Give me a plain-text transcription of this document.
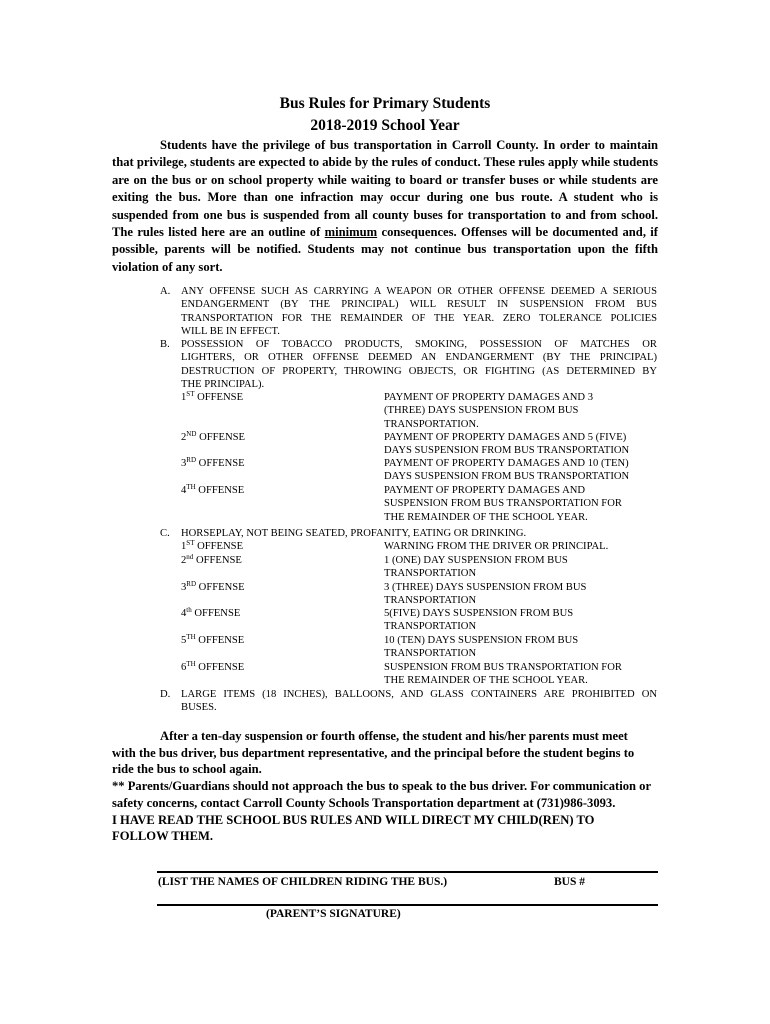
Bus Rules for Primary Students
2018-2019 School Year
Students have the privilege of bus transportation in Carroll County. In order to maintain that privilege, students are expected to abide by the rules of conduct. These rules apply while students are on the bus or on school property while waiting to board or transfer buses or while students are exiting the bus. More than one infraction may occur during one bus route. A student who is suspended from one bus is suspended from all county buses for transportation to and from school. The rules listed here are an outline of minimum consequences. Offenses will be documented and, if possible, parents will be notified. Students may not continue bus transportation upon the fifth violation of any sort.
A. ANY OFFENSE SUCH AS CARRYING A WEAPON OR OTHER OFFENSE DEEMED A SERIOUS
ENDANGERMENT (BY THE PRINCIPAL) WILL RESULT IN SUSPENSION FROM BUS
TRANSPORTATION FOR THE REMAINDER OF THE YEAR. ZERO TOLERANCE POLICIES
WILL BE IN EFFECT.
B. POSSESSION OF TOBACCO PRODUCTS, SMOKING, POSSESSION OF MATCHES OR
LIGHTERS, OR OTHER OFFENSE DEEMED AN ENDANGERMENT (BY THE PRINCIPAL)
DESTRUCTION OF PROPERTY, THROWING OBJECTS, OR FIGHTING (AS DETERMINED BY
THE PRINCIPAL).
1ST OFFENSE	PAYMENT OF PROPERTY DAMAGES AND 3
(THREE) DAYS SUSPENSION FROM BUS
TRANSPORTATION.
2ND OFFENSE	PAYMENT OF PROPERTY DAMAGES AND 5 (FIVE)
DAYS SUSPENSION FROM BUS TRANSPORTATION
3RD OFFENSE	PAYMENT OF PROPERTY DAMAGES AND 10 (TEN)
DAYS SUSPENSION FROM BUS TRANSPORTATION
4TH OFFENSE	PAYMENT OF PROPERTY DAMAGES AND
SUSPENSION FROM BUS TRANSPORTATION FOR
THE REMAINDER OF THE SCHOOL YEAR.
C. HORSEPLAY, NOT BEING SEATED, PROFANITY, EATING OR DRINKING.
1ST OFFENSE	WARNING FROM THE DRIVER OR PRINCIPAL.
2nd OFFENSE	1 (ONE) DAY SUSPENSION FROM BUS
TRANSPORTATION
3RD OFFENSE	3 (THREE) DAYS SUSPENSION FROM BUS
TRANSPORTATION
4th OFFENSE	5(FIVE) DAYS SUSPENSION FROM BUS
TRANSPORTATION
5TH OFFENSE	10 (TEN) DAYS SUSPENSION FROM BUS
TRANSPORTATION
6TH OFFENSE	SUSPENSION FROM BUS TRANSPORTATION FOR
THE REMAINDER OF THE SCHOOL YEAR.
D. LARGE ITEMS (18 INCHES), BALLOONS, AND GLASS CONTAINERS ARE PROHIBITED ON
BUSES.

After a ten-day suspension or fourth offense, the student and his/her parents must meet with the bus driver, bus department representative, and the principal before the student begins to ride the bus to school again.

** Parents/Guardians should not approach the bus to speak to the bus driver. For communication or safety concerns, contact Carroll County Schools Transportation department at (731)986-3093.

I HAVE READ THE SCHOOL BUS RULES AND WILL DIRECT MY CHILD(REN) TO FOLLOW THEM.

(LIST THE NAMES OF CHILDREN RIDING THE BUS.)	BUS #
(PARENT’S SIGNATURE)
